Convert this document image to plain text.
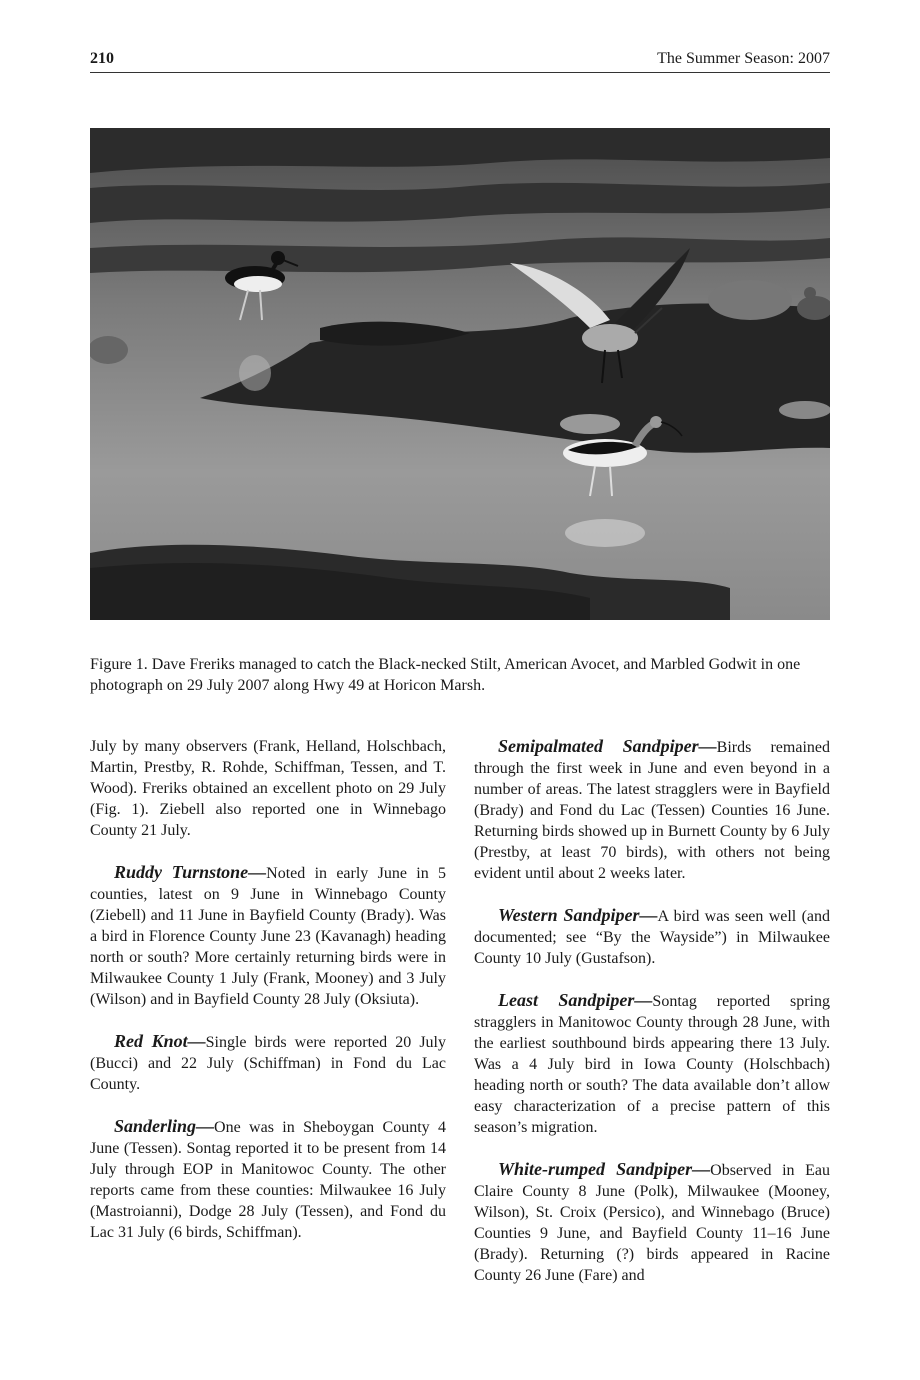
210	The Summer Season: 2007
Figure 1. Dave Freriks managed to catch the Black-necked Stilt, American Avocet, and Marbled Godwit in one photograph on 29 July 2007 along Hwy 49 at Horicon Marsh.

July by many observers (Frank, Helland, Holschbach, Martin, Prestby, R. Rohde, Schiffman, Tessen, and T. Wood). Freriks obtained an excellent photo on 29 July (Fig. 1). Ziebell also reported one in Winnebago County 21 July.

Ruddy Turnstone—Noted in early June in 5 counties, latest on 9 June in Winnebago County (Ziebell) and 11 June in Bayfield County (Brady). Was a bird in Florence County June 23 (Kavanagh) heading north or south? More certainly returning birds were in Milwaukee County 1 July (Frank, Mooney) and 3 July (Wilson) and in Bayfield County 28 July (Oksiuta).

Red Knot—Single birds were reported 20 July (Bucci) and 22 July (Schiffman) in Fond du Lac County.

Sanderling—One was in Sheboygan County 4 June (Tessen). Sontag reported it to be present from 14 July through EOP in Manitowoc County. The other reports came from these counties: Milwaukee 16 July (Mastroianni), Dodge 28 July (Tessen), and Fond du Lac 31 July (6 birds, Schiffman).

Semipalmated Sandpiper—Birds remained through the first week in June and even beyond in a number of areas. The latest stragglers were in Bayfield (Brady) and Fond du Lac (Tessen) Counties 16 June. Returning birds showed up in Burnett County by 6 July (Prestby, at least 70 birds), with others not being evident until about 2 weeks later.

Western Sandpiper—A bird was seen well (and documented; see “By the Wayside”) in Milwaukee County 10 July (Gustafson).

Least Sandpiper—Sontag reported spring stragglers in Manitowoc County through 28 June, with the earliest southbound birds appearing there 13 July. Was a 4 July bird in Iowa County (Holschbach) heading north or south? The data available don’t allow easy characterization of a precise pattern of this season’s migration.

White-rumped Sandpiper—Observed in Eau Claire County 8 June (Polk), Milwaukee (Mooney, Wilson), St. Croix (Persico), and Winnebago (Bruce) Counties 9 June, and Bayfield County 11–16 June (Brady). Returning (?) birds appeared in Racine County 26 June (Fare) and
